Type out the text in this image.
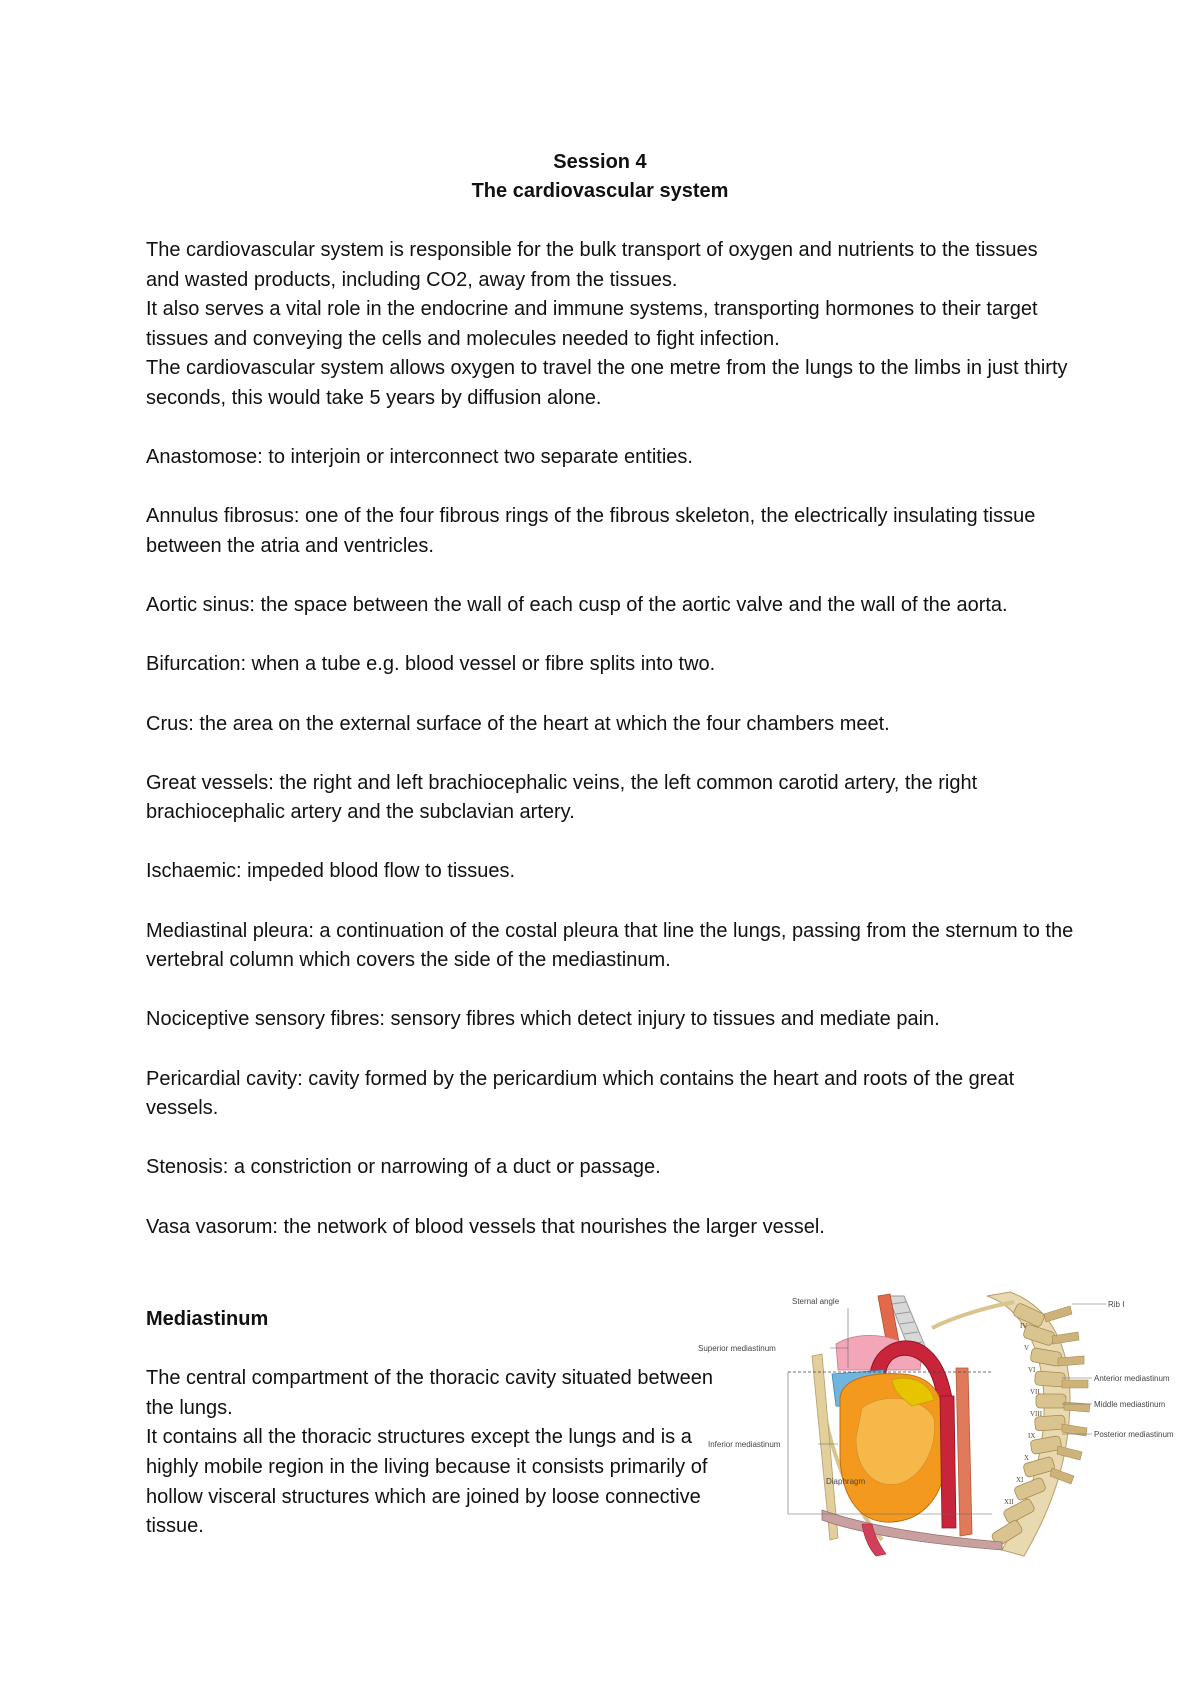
Session 4
The cardiovascular system

The cardiovascular system is responsible for the bulk transport of oxygen and nutrients to the tissues and wasted products, including CO2, away from the tissues.

It also serves a vital role in the endocrine and immune systems, transporting hormones to their target tissues and conveying the cells and molecules needed to fight infection.

The cardiovascular system allows oxygen to travel the one metre from the lungs to the limbs in just thirty seconds, this would take 5 years by diffusion alone.

Anastomose: to interjoin or interconnect two separate entities.

Annulus fibrosus: one of the four fibrous rings of the fibrous skeleton, the electrically insulating tissue between the atria and ventricles.

Aortic sinus: the space between the wall of each cusp of the aortic valve and the wall of the aorta.

Bifurcation: when a tube e.g. blood vessel or fibre splits into two.

Crus: the area on the external surface of the heart at which the four chambers meet.

Great vessels: the right and left brachiocephalic veins, the left common carotid artery, the right brachiocephalic artery and the subclavian artery.

Ischaemic: impeded blood flow to tissues.

Mediastinal pleura: a continuation of the costal pleura that line the lungs, passing from the sternum to the vertebral column which covers the side of the mediastinum.

Nociceptive sensory fibres: sensory fibres which detect injury to tissues and mediate pain.

Pericardial cavity: cavity formed by the pericardium which contains the heart and roots of the great vessels.

Stenosis: a constriction or narrowing of a duct or passage.

Vasa vasorum: the network of blood vessels that nourishes the larger vessel.

Mediastinum

The central compartment of the thoracic cavity situated between the lungs.

It contains all the thoracic structures except the lungs and is a highly mobile region in the living because it consists primarily of hollow visceral structures which are joined by loose connective tissue.

Sternal angle	Rib I
Superior mediastinum
Anterior mediastinum
Middle mediastinum
Posterior mediastinum
Inferior mediastinum
Diaphragm
IV
V
VI
VII
VIII
IX
X
XI
XII
